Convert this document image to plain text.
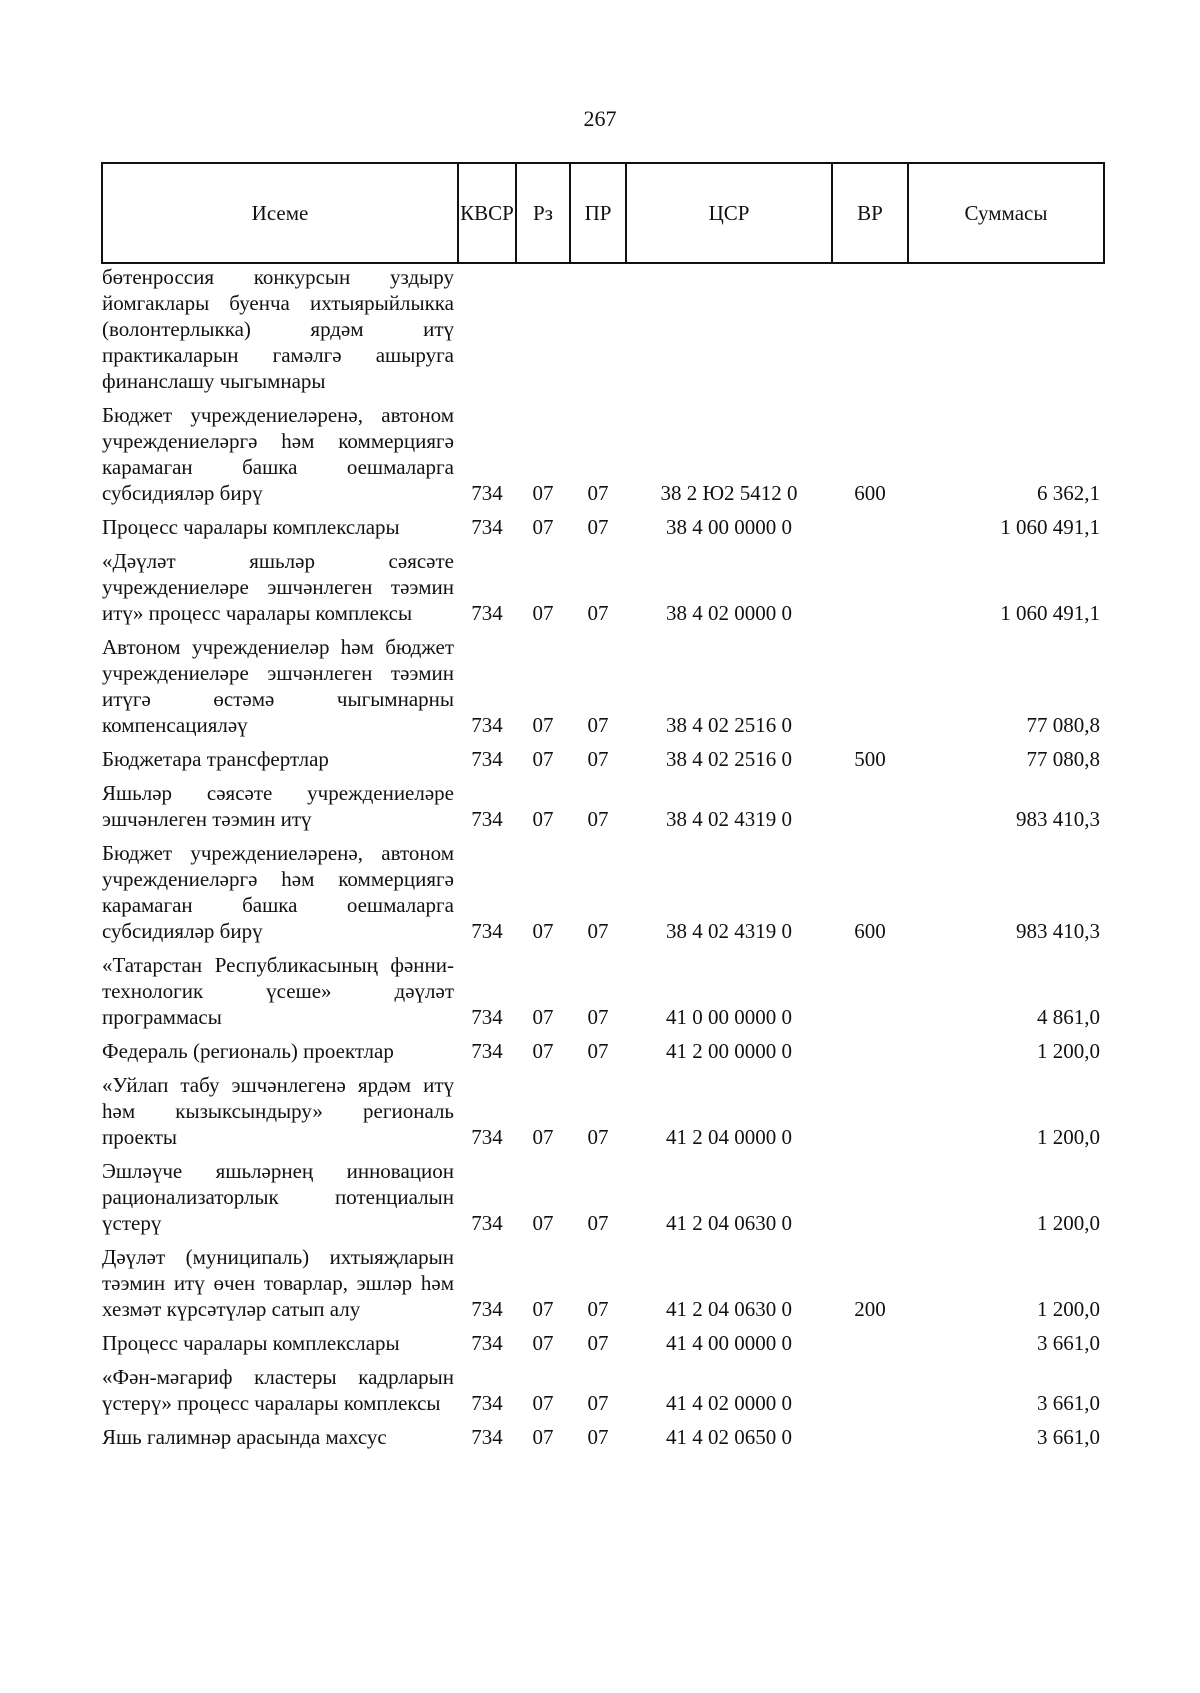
267
Исеме	КВСР	Рз	ПР	ЦСР	ВР	Суммасы
бөтенроссия конкурсын уздыру йомгаклары буенча ихтыярыйлыкка (волонтерлыкка) ярдәм итү практикаларын гамәлгә ашыруга финанслашу чыгымнары						
Бюджет учреждениеләренә, автоном учреждениеләргә һәм коммерциягә карамаган башка оешмаларга субсидияләр бирү	734	07	07	38 2 Ю2 5412 0	600	6 362,1
Процесс чаралары комплекслары	734	07	07	38 4 00 0000 0		1 060 491,1
«Дәүләт яшьләр сәясәте учреждениеләре эшчәнлеген тәэмин итү» процесс чаралары комплексы	734	07	07	38 4 02 0000 0		1 060 491,1
Автоном учреждениеләр һәм бюджет учреждениеләре эшчәнлеген тәэмин итүгә өстәмә чыгымнарны компенсацияләү	734	07	07	38 4 02 2516 0		77 080,8
Бюджетара трансфертлар	734	07	07	38 4 02 2516 0	500	77 080,8
Яшьләр сәясәте учреждениеләре эшчәнлеген тәэмин итү	734	07	07	38 4 02 4319 0		983 410,3
Бюджет учреждениеләренә, автоном учреждениеләргә һәм коммерциягә карамаган башка оешмаларга субсидияләр бирү	734	07	07	38 4 02 4319 0	600	983 410,3
«Татарстан Республикасының фәнни-технологик үсеше» дәүләт программасы	734	07	07	41 0 00 0000 0		4 861,0
Федераль (региональ) проектлар	734	07	07	41 2 00 0000 0		1 200,0
«Уйлап табу эшчәнлегенә ярдәм итү һәм кызыксындыру» региональ проекты	734	07	07	41 2 04 0000 0		1 200,0
Эшләүче яшьләрнең инновацион рационализаторлык потенциалын үстерү	734	07	07	41 2 04 0630 0		1 200,0
Дәүләт (муниципаль) ихтыяҗларын тәэмин итү өчен товарлар, эшләр һәм хезмәт күрсәтүләр сатып алу	734	07	07	41 2 04 0630 0	200	1 200,0
Процесс чаралары комплекслары	734	07	07	41 4 00 0000 0		3 661,0
«Фән-мәгариф кластеры кадрларын үстерү» процесс чаралары комплексы	734	07	07	41 4 02 0000 0		3 661,0
Яшь галимнәр арасында махсус	734	07	07	41 4 02 0650 0		3 661,0
